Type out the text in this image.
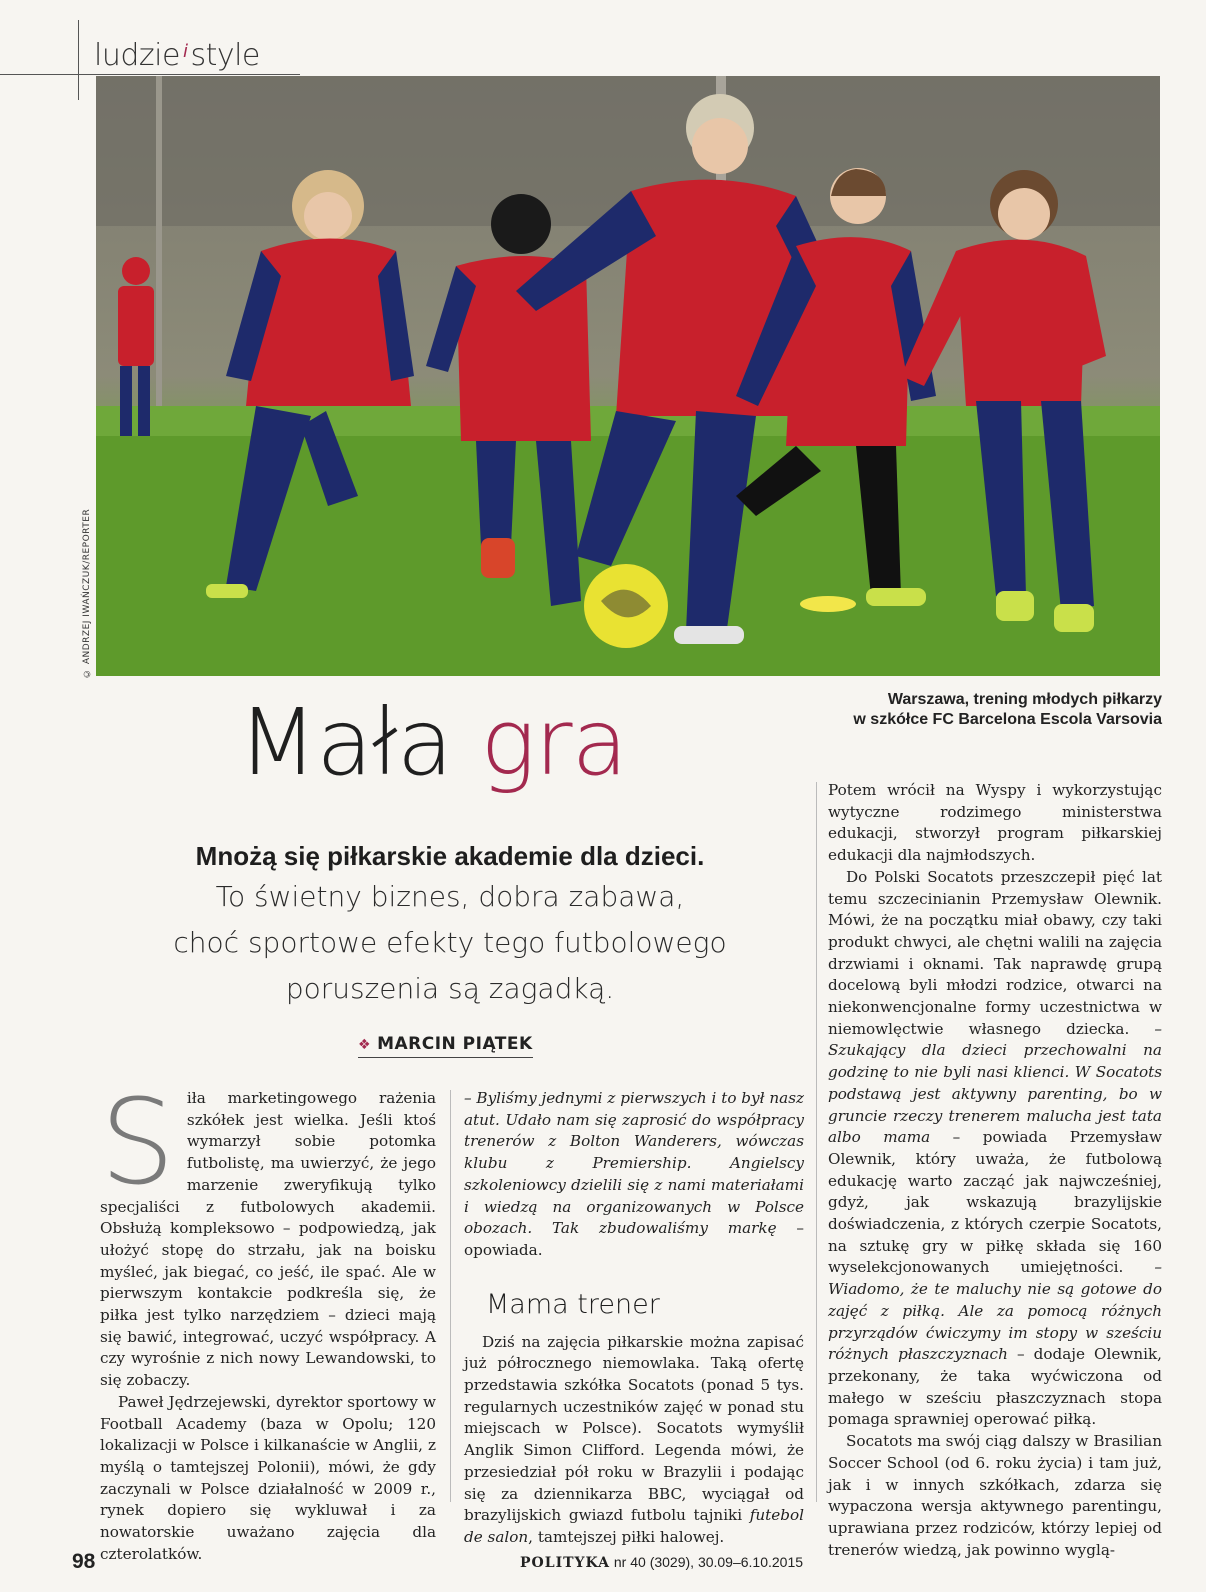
ludzie $^i$ style
© ANDRZEJ IWAŃCZUK/REPORTER
Warszawa, trening młodych piłkarzy
w szkółce FC Barcelona Escola Varsovia
Mała gra
Mnożą się piłkarskie akademie dla dzieci.
To świetny biznes, dobra zabawa,
choć sportowe efekty tego futbolowego
poruszenia są zagadką.
❖ MARCIN PIĄTEK

Siła marketingowego rażenia szkółek jest wielka. Jeśli ktoś wymarzył sobie potomka futbolistę, ma uwierzyć, że jego marzenie zweryfikują tylko specjaliści z futbolowych akademii. Obsłużą kompleksowo – podpowiedzą, jak ułożyć stopę do strzału, jak na boisku myśleć, jak biegać, co jeść, ile spać. Ale w pierwszym kontakcie podkreśla się, że piłka jest tylko narzędziem – dzieci mają się bawić, integrować, uczyć współpracy. A czy wyrośnie z nich nowy Lewandowski, to się zobaczy.

Paweł Jędrzejewski, dyrektor sportowy w Football Academy (baza w Opolu; 120 lokalizacji w Polsce i kilkanaście w Anglii, z myślą o tamtejszej Polonii), mówi, że gdy zaczynali w Polsce działalność w 2009 r., rynek dopiero się wykluwał i za nowatorskie uważano zajęcia dla czterolatków.

– Byliśmy jednymi z pierwszych i to był nasz atut. Udało nam się zaprosić do współpracy trenerów z Bolton Wanderers, wówczas klubu z Premiership. Angielscy szkoleniowcy dzielili się z nami materiałami i wiedzą na organizowanych w Polsce obozach. Tak zbudowaliśmy markę – opowiada.

Mama trener

Dziś na zajęcia piłkarskie można zapisać już półrocznego niemowlaka. Taką ofertę przedstawia szkółka Socatots (ponad 5 tys. regularnych uczestników zajęć w ponad stu miejscach w Polsce). Socatots wymyślił Anglik Simon Clifford. Legenda mówi, że przesiedział pół roku w Brazylii i podając się za dziennikarza BBC, wyciągał od brazylijskich gwiazd futbolu tajniki futebol de salon, tamtejszej piłki halowej.

Potem wrócił na Wyspy i wykorzystując wytyczne rodzimego ministerstwa edukacji, stworzył program piłkarskiej edukacji dla najmłodszych.

Do Polski Socatots przeszczepił pięć lat temu szczecinianin Przemysław Olewnik. Mówi, że na początku miał obawy, czy taki produkt chwyci, ale chętni walili na zajęcia drzwiami i oknami. Tak naprawdę grupą docelową byli młodzi rodzice, otwarci na niekonwencjonalne formy uczestnictwa w niemowlęctwie własnego dziecka. – Szukający dla dzieci przechowalni na godzinę to nie byli nasi klienci. W Socatots podstawą jest aktywny parenting, bo w gruncie rzeczy trenerem malucha jest tata albo mama – powiada Przemysław Olewnik, który uważa, że futbolową edukację warto zacząć jak najwcześniej, gdyż, jak wskazują brazylijskie doświadczenia, z których czerpie Socatots, na sztukę gry w piłkę składa się 160 wyselekcjonowanych umiejętności. – Wiadomo, że te maluchy nie są gotowe do zajęć z piłką. Ale za pomocą różnych przyrządów ćwiczymy im stopy w sześciu różnych płaszczyznach – dodaje Olewnik, przekonany, że taka wyćwiczona od małego w sześciu płaszczyznach stopa pomaga sprawniej operować piłką.

Socatots ma swój ciąg dalszy w Brasilian Soccer School (od 6. roku życia) i tam już, jak i w innych szkółkach, zdarza się wypaczona wersja aktywnego parentingu, uprawiana przez rodziców, którzy lepiej od trenerów wiedzą, jak powinno wyglą-

98	POLITYKA nr 40 (3029), 30.09–6.10.2015
